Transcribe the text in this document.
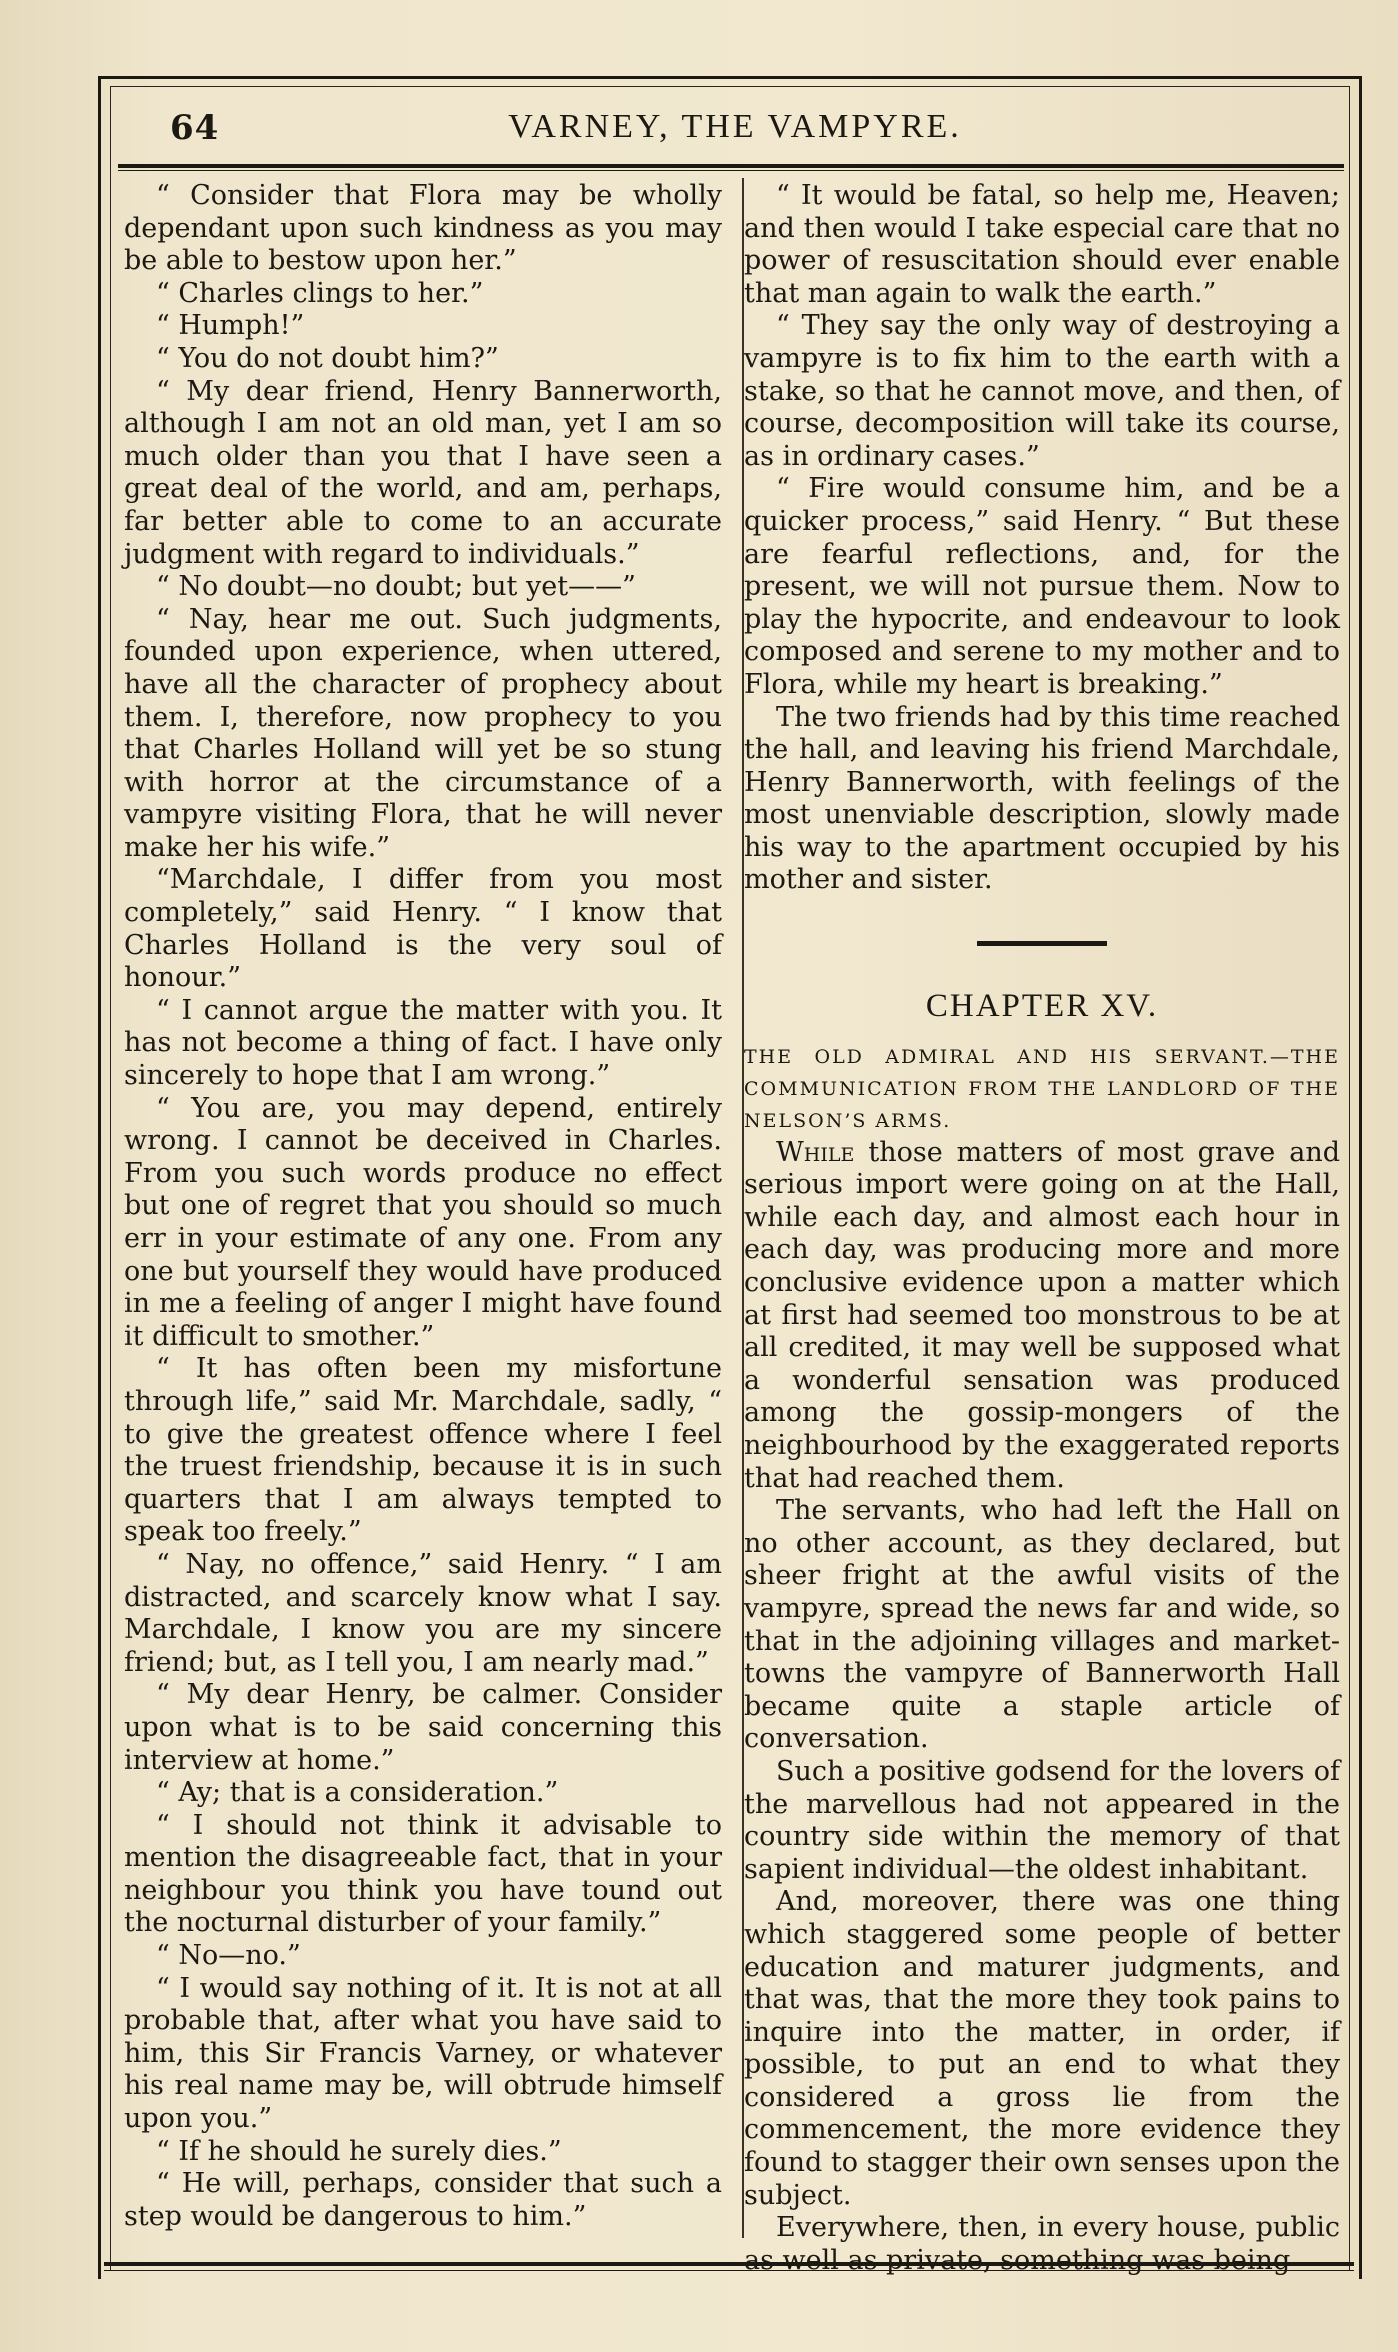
64	VARNEY, THE VAMPYRE.

“ Consider that Flora may be wholly dependant upon such kindness as you may be able to bestow upon her.”

“ Charles clings to her.”

“ Humph!”

“ You do not doubt him?”

“ My dear friend, Henry Bannerworth, although I am not an old man, yet I am so much older than you that I have seen a great deal of the world, and am, perhaps, far better able to come to an accurate judgment with regard to individuals.”

“ No doubt—no doubt; but yet——”

“ Nay, hear me out. Such judgments, founded upon experience, when uttered, have all the character of prophecy about them. I, therefore, now prophecy to you that Charles Holland will yet be so stung with horror at the circumstance of a vampyre visiting Flora, that he will never make her his wife.”

“Marchdale, I differ from you most completely,” said Henry. “ I know that Charles Holland is the very soul of honour.”

“ I cannot argue the matter with you. It has not become a thing of fact. I have only sincerely to hope that I am wrong.”

“ You are, you may depend, entirely wrong. I cannot be deceived in Charles. From you such words produce no effect but one of regret that you should so much err in your estimate of any one. From any one but yourself they would have produced in me a feeling of anger I might have found it difficult to smother.”

“ It has often been my misfortune through life,” said Mr. Marchdale, sadly, “ to give the greatest offence where I feel the truest friendship, because it is in such quarters that I am always tempted to speak too freely.”

“ Nay, no offence,” said Henry. “ I am distracted, and scarcely know what I say. Marchdale, I know you are my sincere friend; but, as I tell you, I am nearly mad.”

“ My dear Henry, be calmer. Consider upon what is to be said concerning this interview at home.”

“ Ay; that is a consideration.”

“ I should not think it advisable to mention the disagreeable fact, that in your neighbour you think you have tound out the nocturnal disturber of your family.”

“ No—no.”

“ I would say nothing of it. It is not at all probable that, after what you have said to him, this Sir Francis Varney, or whatever his real name may be, will obtrude himself upon you.”

“ If he should he surely dies.”

“ He will, perhaps, consider that such a step would be dangerous to him.”

“ It would be fatal, so help me, Heaven; and then would I take especial care that no power of resuscitation should ever enable that man again to walk the earth.”

“ They say the only way of destroying a vampyre is to fix him to the earth with a stake, so that he cannot move, and then, of course, decomposition will take its course, as in ordinary cases.”

“ Fire would consume him, and be a quicker process,” said Henry. “ But these are fearful reflections, and, for the present, we will not pursue them. Now to play the hypocrite, and endeavour to look composed and serene to my mother and to Flora, while my heart is breaking.”

The two friends had by this time reached the hall, and leaving his friend Marchdale, Henry Bannerworth, with feelings of the most unenviable description, slowly made his way to the apartment occupied by his mother and sister.

CHAPTER XV.

THE OLD ADMIRAL AND HIS SERVANT.—THE COMMUNICATION FROM THE LANDLORD OF THE NELSON’S ARMS.

While those matters of most grave and serious import were going on at the Hall, while each day, and almost each hour in each day, was producing more and more conclusive evidence upon a matter which at first had seemed too monstrous to be at all credited, it may well be supposed what a wonderful sensation was produced among the gossip-mongers of the neighbourhood by the exaggerated reports that had reached them.

The servants, who had left the Hall on no other account, as they declared, but sheer fright at the awful visits of the vampyre, spread the news far and wide, so that in the adjoining villages and market-towns the vampyre of Bannerworth Hall became quite a staple article of conversation.

Such a positive godsend for the lovers of the marvellous had not appeared in the country side within the memory of that sapient individual—the oldest inhabitant.

And, moreover, there was one thing which staggered some people of better education and maturer judgments, and that was, that the more they took pains to inquire into the matter, in order, if possible, to put an end to what they considered a gross lie from the commencement, the more evidence they found to stagger their own senses upon the subject.

Everywhere, then, in every house, public as well as private, something was being
